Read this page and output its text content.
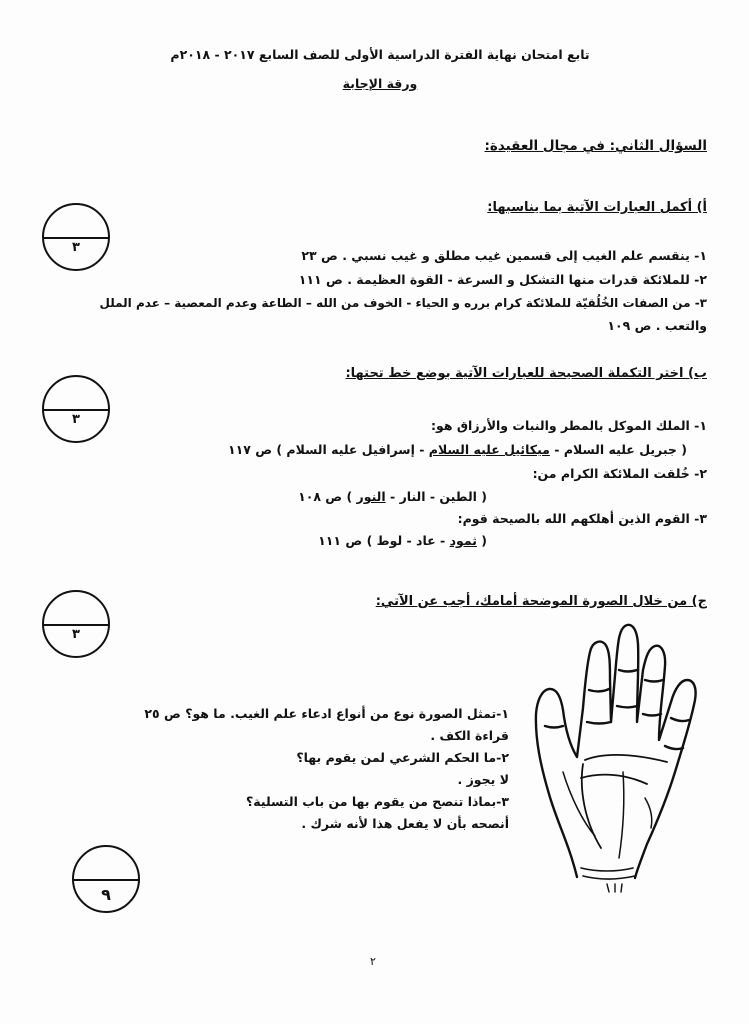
تابع امتحان نهاية الفترة الدراسية الأولى للصف السابع ٢٠١٧ - ٢٠١٨م
ورقة الإجابة
السؤال الثاني: في مجال العقيدة:
أ) أكمل العبارات الآتية بما يناسبها:
٣
١- ينقسم علم الغيب إلى قسمين غيب مطلق و غيب نسبي . ص ٢٣
٢- للملائكة قدرات منها التشكل و السرعة - القوة العظيمة . ص ١١١
٣- من الصفات الخُلُقيّة للملائكة كرام برره و الحياء - الخوف من الله – الطاعة وعدم المعصية – عدم الملل
والتعب . ص ١٠٩
ب) اختر التكملة الصحيحة للعبارات الآتية بوضع خط تحتها:
٣	١- الملك الموكل بالمطر والنبات والأرزاق هو:
( جبريل عليه السلام - ميكائيل عليه السلام - إسرافيل عليه السلام ) ص ١١٧
٢- خُلقت الملائكة الكرام من:
( الطين - النار - النور ) ص ١٠٨
٣- القوم الذين أهلكهم الله بالصيحة قوم:
( ثمود - عاد - لوط ) ص ١١١
ج) من خلال الصورة الموضحة أمامك، أجب عن الآتي:
٣
١-تمثل الصورة نوع من أنواع ادعاء علم الغيب. ما هو؟ ص ٢٥
قراءة الكف .
٢-ما الحكم الشرعي لمن يقوم بها؟
لا يجوز .
٣-بماذا تنصح من يقوم بها من باب التسلية؟
أنصحه بأن لا يفعل هذا لأنه شرك .
٩
٢
